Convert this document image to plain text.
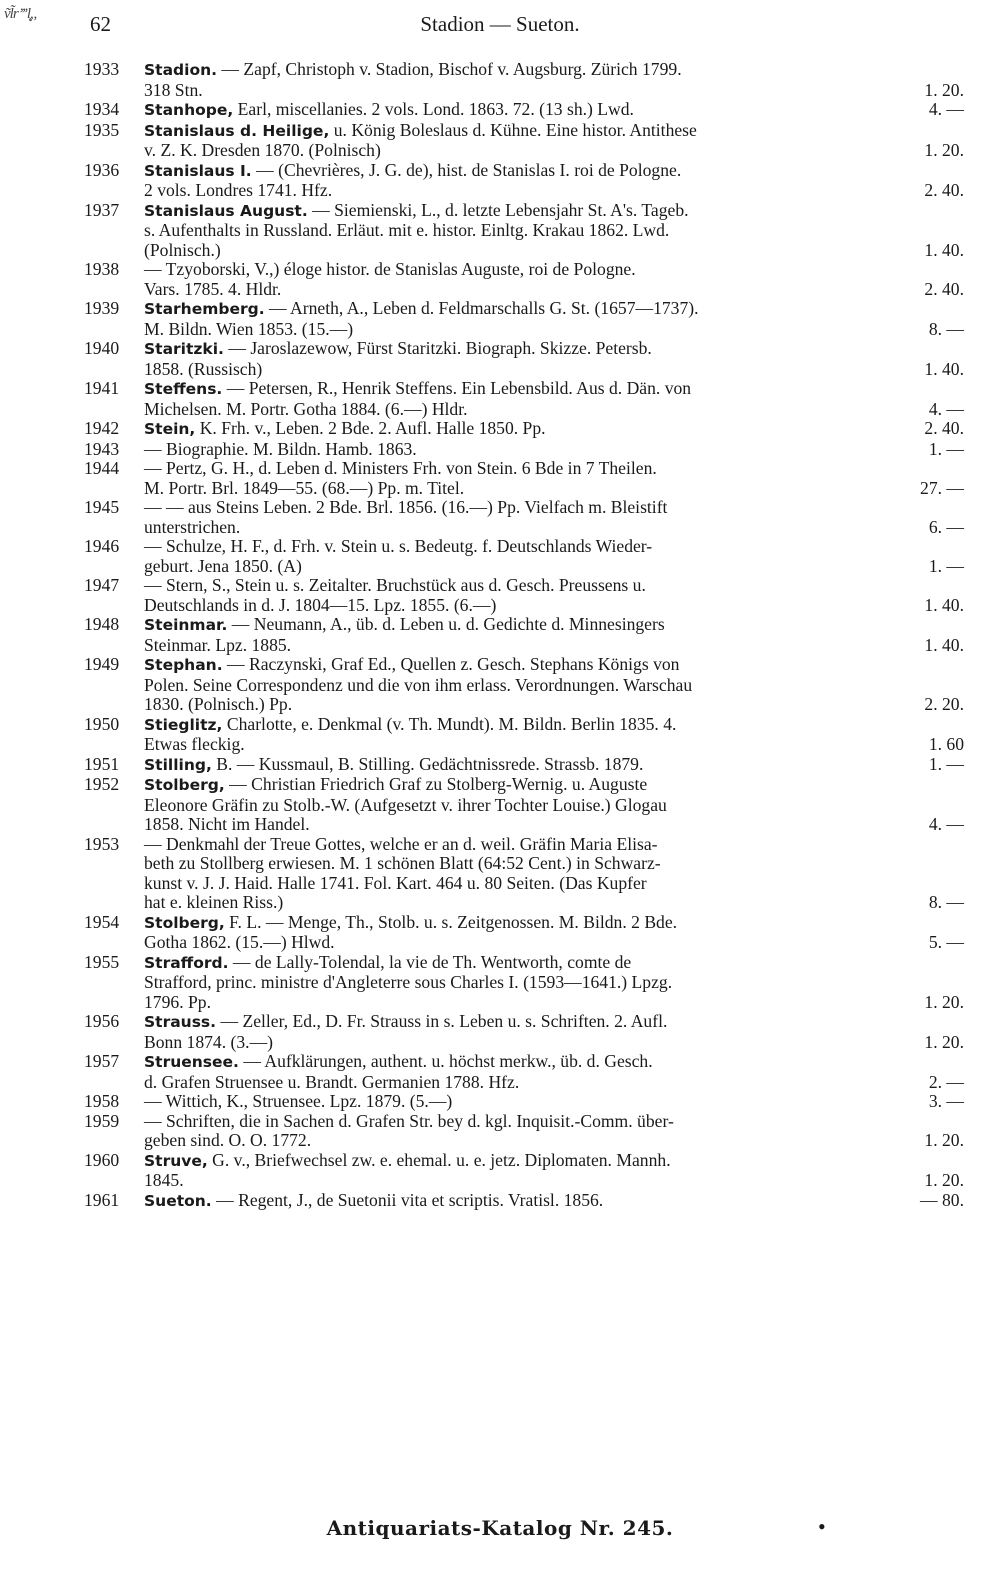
ṽl̃r’’’l̨̨,‚	62	Stadion — Sueton.
1933	Stadion. — Zapf, Christoph v. Stadion, Bischof v. Augsburg. Zürich 1799.
318 Stn.	1. 20.
1934	Stanhope, Earl, miscellanies. 2 vols. Lond. 1863. 72. (13 sh.) Lwd.	4. —
1935	Stanislaus d. Heilige, u. König Boleslaus d. Kühne. Eine histor. Antithese
v. Z. K. Dresden 1870. (Polnisch)	1. 20.
1936	Stanislaus I. — (Chevrières, J. G. de), hist. de Stanislas I. roi de Pologne.
2 vols. Londres 1741. Hfz.	2. 40.
1937	Stanislaus August. — Siemienski, L., d. letzte Lebensjahr St. A's. Tageb.
s. Aufenthalts in Russland. Erläut. mit e. histor. Einltg. Krakau 1862. Lwd.
(Polnisch.)	1. 40.
1938	— Tzyoborski, V.,) éloge histor. de Stanislas Auguste, roi de Pologne.
Vars. 1785. 4. Hldr.	2. 40.
1939	Starhemberg. — Arneth, A., Leben d. Feldmarschalls G. St. (1657—1737).
M. Bildn. Wien 1853. (15.—)	8. —
1940	Staritzki. — Jaroslazewow, Fürst Staritzki. Biograph. Skizze. Petersb.
1858. (Russisch)	1. 40.
1941	Steffens. — Petersen, R., Henrik Steffens. Ein Lebensbild. Aus d. Dän. von
Michelsen. M. Portr. Gotha 1884. (6.—) Hldr.	4. —
1942	Stein, K. Frh. v., Leben. 2 Bde. 2. Aufl. Halle 1850. Pp.	2. 40.
1943	— Biographie. M. Bildn. Hamb. 1863.	1. —
1944	— Pertz, G. H., d. Leben d. Ministers Frh. von Stein. 6 Bde in 7 Theilen.
M. Portr. Brl. 1849—55. (68.—) Pp. m. Titel.	27. —
1945	— — aus Steins Leben. 2 Bde. Brl. 1856. (16.—) Pp. Vielfach m. Bleistift
unterstrichen.	6. —
1946	— Schulze, H. F., d. Frh. v. Stein u. s. Bedeutg. f. Deutschlands Wieder-
geburt. Jena 1850. (A)	1. —
1947	— Stern, S., Stein u. s. Zeitalter. Bruchstück aus d. Gesch. Preussens u.
Deutschlands in d. J. 1804—15. Lpz. 1855. (6.—)	1. 40.
1948	Steinmar. — Neumann, A., üb. d. Leben u. d. Gedichte d. Minnesingers
Steinmar. Lpz. 1885.	1. 40.
1949	Stephan. — Raczynski, Graf Ed., Quellen z. Gesch. Stephans Königs von
Polen. Seine Correspondenz und die von ihm erlass. Verordnungen. Warschau
1830. (Polnisch.) Pp.	2. 20.
1950	Stieglitz, Charlotte, e. Denkmal (v. Th. Mundt). M. Bildn. Berlin 1835. 4.
Etwas fleckig.	1. 60
1951	Stilling, B. — Kussmaul, B. Stilling. Gedächtnissrede. Strassb. 1879.	1. —
1952	Stolberg, — Christian Friedrich Graf zu Stolberg-Wernig. u. Auguste
Eleonore Gräfin zu Stolb.-W. (Aufgesetzt v. ihrer Tochter Louise.) Glogau
1858. Nicht im Handel.	4. —
1953	— Denkmahl der Treue Gottes, welche er an d. weil. Gräfin Maria Elisa-
beth zu Stollberg erwiesen. M. 1 schönen Blatt (64:52 Cent.) in Schwarz-
kunst v. J. J. Haid. Halle 1741. Fol. Kart. 464 u. 80 Seiten. (Das Kupfer
hat e. kleinen Riss.)	8. —
1954	Stolberg, F. L. — Menge, Th., Stolb. u. s. Zeitgenossen. M. Bildn. 2 Bde.
Gotha 1862. (15.—) Hlwd.	5. —
1955	Strafford. — de Lally-Tolendal, la vie de Th. Wentworth, comte de
Strafford, princ. ministre d'Angleterre sous Charles I. (1593—1641.) Lpzg.
1796. Pp.	1. 20.
1956	Strauss. — Zeller, Ed., D. Fr. Strauss in s. Leben u. s. Schriften. 2. Aufl.
Bonn 1874. (3.—)	1. 20.
1957	Struensee. — Aufklärungen, authent. u. höchst merkw., üb. d. Gesch.
d. Grafen Struensee u. Brandt. Germanien 1788. Hfz.	2. —
1958	— Wittich, K., Struensee. Lpz. 1879. (5.—)	3. —
1959	— Schriften, die in Sachen d. Grafen Str. bey d. kgl. Inquisit.-Comm. über-
geben sind. O. O. 1772.	1. 20.
1960	Struve, G. v., Briefwechsel zw. e. ehemal. u. e. jetz. Diplomaten. Mannh.
1845.	1. 20.
1961	Sueton. — Regent, J., de Suetonii vita et scriptis. Vratisl. 1856.	— 80.
Antiquariats-Katalog Nr. 245.	•
